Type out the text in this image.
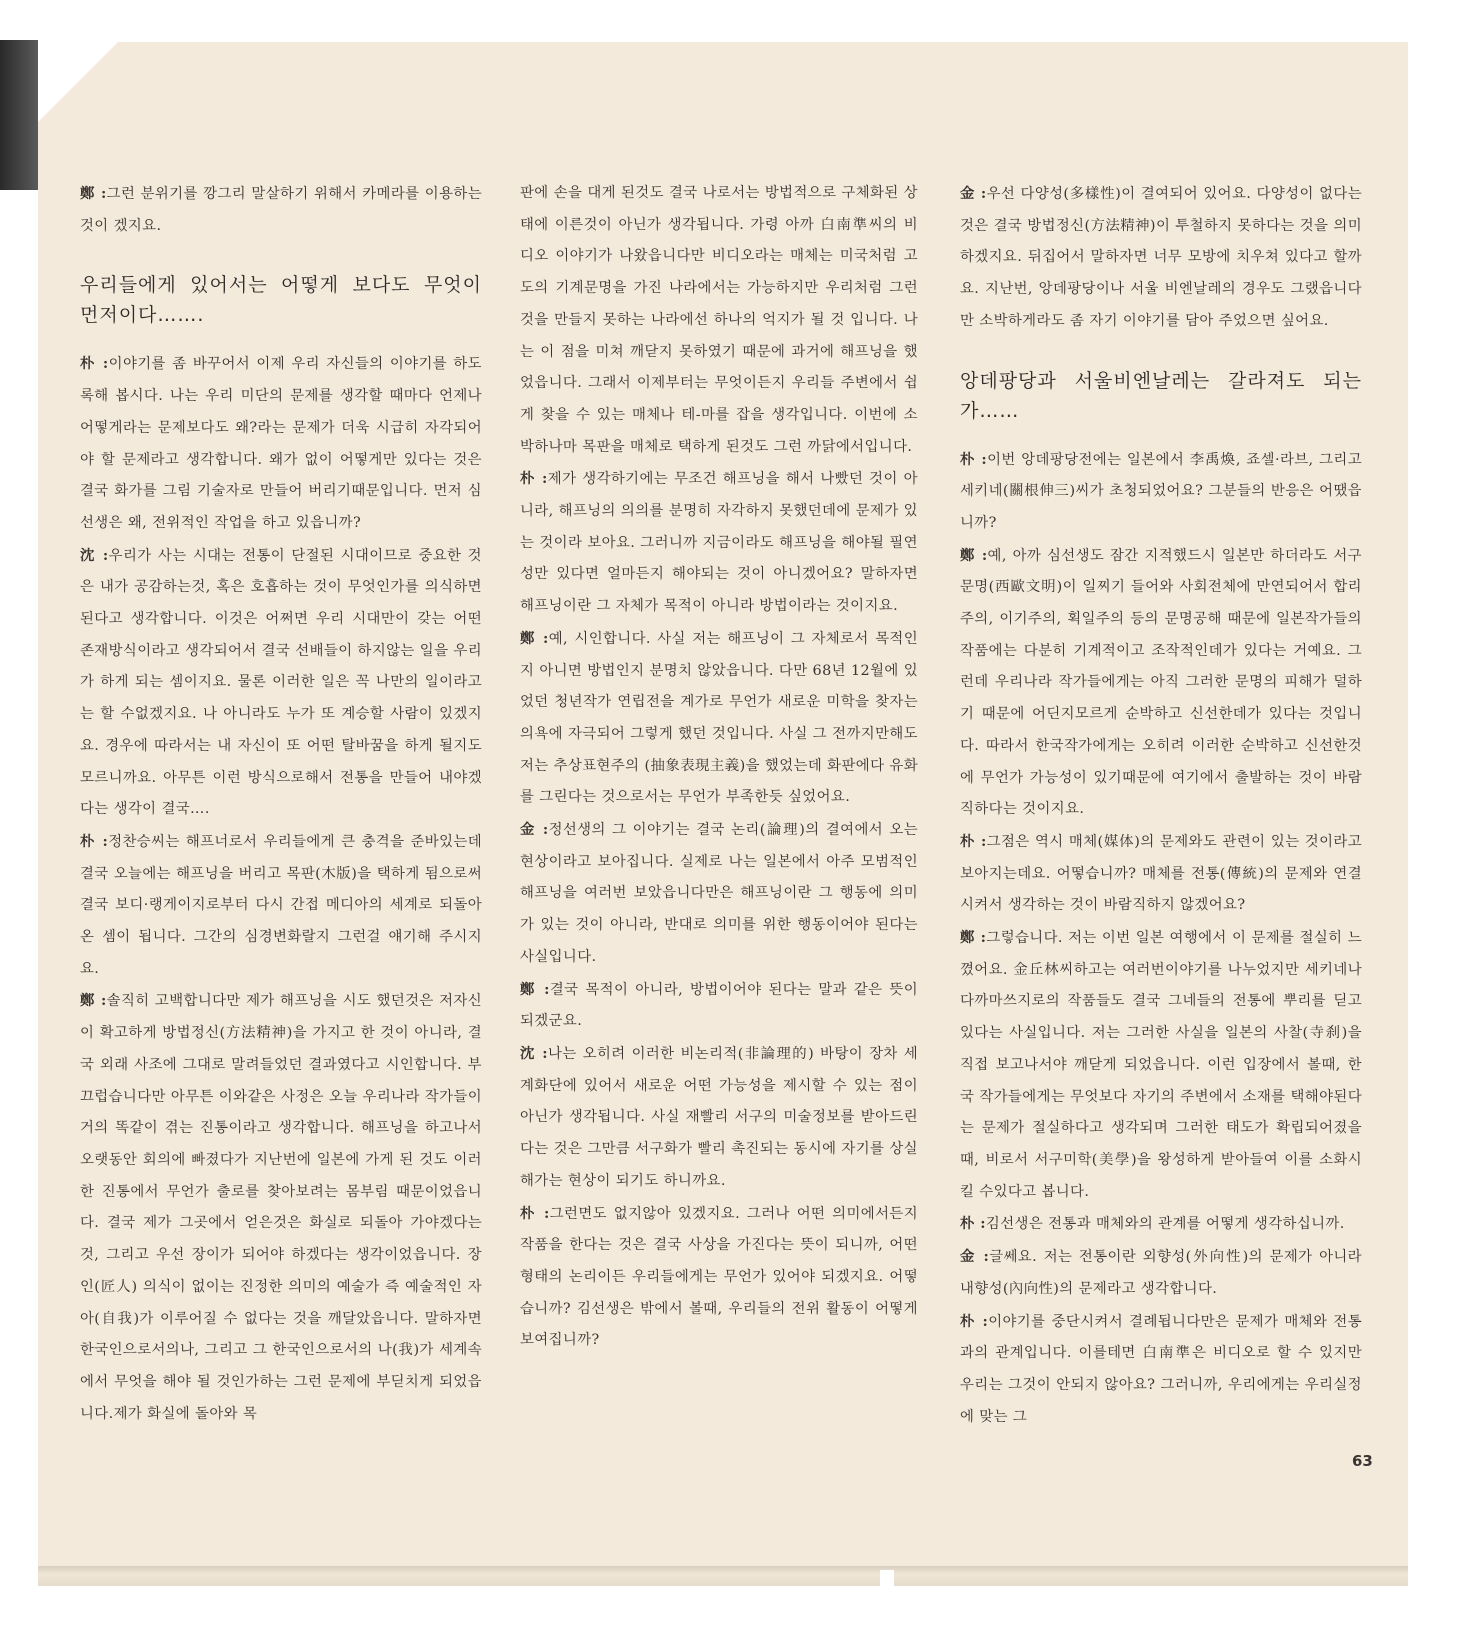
鄭 :그런 분위기를 깡그리 말살하기 위해서 카메라를 이용하는 것이 겠지요.

우리들에게 있어서는 어떻게 보다도 무엇이 먼저이다…….

朴 :이야기를 좀 바꾸어서 이제 우리 자신들의 이야기를 하도록해 봅시다. 나는 우리 미단의 문제를 생각할 때마다 언제나 어떻게라는 문제보다도 왜?라는 문제가 더욱 시급히 자각되어야 할 문제라고 생각합니다. 왜가 없이 어떻게만 있다는 것은 결국 화가를 그림 기술자로 만들어 버리기때문입니다. 먼저 심선생은 왜, 전위적인 작업을 하고 있읍니까?

沈 :우리가 사는 시대는 전통이 단절된 시대이므로 중요한 것은 내가 공감하는것, 혹은 호흡하는 것이 무엇인가를 의식하면 된다고 생각합니다. 이것은 어쩌면 우리 시대만이 갖는 어떤 존재방식이라고 생각되어서 결국 선배들이 하지않는 일을 우리가 하게 되는 셈이지요. 물론 이러한 일은 꼭 나만의 일이라고는 할 수없겠지요. 나 아니라도 누가 또 계승할 사람이 있겠지요. 경우에 따라서는 내 자신이 또 어떤 탈바꿈을 하게 될지도 모르니까요. 아무튼 이런 방식으로해서 전통을 만들어 내야겠다는 생각이 결국….

朴 :정찬승씨는 해프너로서 우리들에게 큰 충격을 준바있는데결국 오늘에는 해프닝을 버리고 목판(木版)을 택하게 됨으로써 결국 보디·랭게이지로부터 다시 간접 메디아의 세계로 되돌아 온 셈이 됩니다. 그간의 심경변화랄지 그런걸 얘기해 주시지요.

鄭 :솔직히 고백합니다만 제가 해프닝을 시도 했던것은 저자신이 확고하게 방법정신(方法精神)을 가지고 한 것이 아니라, 결국 외래 사조에 그대로 말려들었던 결과였다고 시인합니다. 부끄럽습니다만 아무튼 이와같은 사정은 오늘 우리나라 작가들이 거의 똑같이 겪는 진통이라고 생각합니다. 해프닝을 하고나서 오랫동안 회의에 빠졌다가 지난번에 일본에 가게 된 것도 이러한 진통에서 무언가 출로를 찾아보려는 몸부림 때문이었읍니다. 결국 제가 그곳에서 얻은것은 화실로 되돌아 가야겠다는것, 그리고 우선 장이가 되어야 하겠다는 생각이었읍니다. 장인(匠人) 의식이 없이는 진정한 의미의 예술가 즉 예술적인 자아(自我)가 이루어질 수 없다는 것을 깨달았읍니다. 말하자면 한국인으로서의나, 그리고 그 한국인으로서의 나(我)가 세계속에서 무엇을 해야 될 것인가하는 그런 문제에 부딛치게 되었읍니다.제가 화실에 돌아와 목

판에 손을 대게 된것도 결국 나로서는 방법적으로 구체화된 상태에 이른것이 아닌가 생각됩니다. 가령 아까 白南準씨의 비디오 이야기가 나왔읍니다만 비디오라는 매체는 미국처럼 고도의 기계문명을 가진 나라에서는 가능하지만 우리처럼 그런것을 만들지 못하는 나라에선 하나의 억지가 될 것 입니다. 나는 이 점을 미쳐 깨닫지 못하였기 때문에 과거에 해프닝을 했었읍니다. 그래서 이제부터는 무엇이든지 우리들 주변에서 쉽게 찾을 수 있는 매체나 테-마를 잡을 생각입니다. 이번에 소박하나마 목판을 매체로 택하게 된것도 그런 까닭에서입니다.

朴 :제가 생각하기에는 무조건 해프닝을 해서 나빴던 것이 아니라, 해프닝의 의의를 분명히 자각하지 못했던데에 문제가 있는 것이라 보아요. 그러니까 지금이라도 해프닝을 해야될 필연성만 있다면 얼마든지 해야되는 것이 아니겠어요? 말하자면 해프닝이란 그 자체가 목적이 아니라 방법이라는 것이지요.

鄭 :예, 시인합니다. 사실 저는 해프닝이 그 자체로서 목적인지 아니면 방법인지 분명치 않았읍니다. 다만 68년 12월에 있었던 청년작가 연립전을 계가로 무언가 새로운 미학을 찾자는 의욕에 자극되어 그렇게 했던 것입니다. 사실 그 전까지만해도 저는 추상표현주의 (抽象表現主義)을 했었는데 화판에다 유화를 그린다는 것으로서는 무언가 부족한듯 싶었어요.

金 :정선생의 그 이야기는 결국 논리(論理)의 결여에서 오는 현상이라고 보아집니다. 실제로 나는 일본에서 아주 모범적인 해프닝을 여러번 보았읍니다만은 해프닝이란 그 행동에 의미가 있는 것이 아니라, 반대로 의미를 위한 행동이어야 된다는 사실입니다.

鄭 :결국 목적이 아니라, 방법이어야 된다는 말과 같은 뜻이 되겠군요.

沈 :나는 오히려 이러한 비논리적(非論理的) 바탕이 장차 세계화단에 있어서 새로운 어떤 가능성을 제시할 수 있는 점이 아닌가 생각됩니다. 사실 재빨리 서구의 미술정보를 받아드린다는 것은 그만큼 서구화가 빨리 촉진되는 동시에 자기를 상실해가는 현상이 되기도 하니까요.

朴 :그런면도 없지않아 있겠지요. 그러나 어떤 의미에서든지 작품을 한다는 것은 결국 사상을 가진다는 뜻이 되니까, 어떤 형태의 논리이든 우리들에게는 무언가 있어야 되겠지요. 어떻습니까? 김선생은 밖에서 볼때, 우리들의 전위 활동이 어떻게 보여집니까?

金 :우선 다양성(多樣性)이 결여되어 있어요. 다양성이 없다는 것은 결국 방법정신(方法精神)이 투철하지 못하다는 것을 의미하겠지요. 뒤집어서 말하자면 너무 모방에 치우쳐 있다고 할까요. 지난번, 앙데팡당이나 서울 비엔날레의 경우도 그랬읍니다만 소박하게라도 좀 자기 이야기를 담아 주었으면 싶어요.

앙데팡당과 서울비엔날레는 갈라져도 되는가……

朴 :이번 앙데팡당전에는 일본에서 李禹煥, 죠셀·라브, 그리고 세키네(關根伸三)씨가 초청되었어요? 그분들의 반응은 어땠읍니까?

鄭 :예, 아까 심선생도 잠간 지적했드시 일본만 하더라도 서구문명(西歐文明)이 일찌기 들어와 사회전체에 만연되어서 합리주의, 이기주의, 획일주의 등의 문명공해 때문에 일본작가들의 작품에는 다분히 기계적이고 조작적인데가 있다는 거예요. 그런데 우리나라 작가들에게는 아직 그러한 문명의 피해가 덜하기 때문에 어딘지모르게 순박하고 신선한데가 있다는 것입니다. 따라서 한국작가에게는 오히려 이러한 순박하고 신선한것에 무언가 가능성이 있기때문에 여기에서 출발하는 것이 바람직하다는 것이지요.

朴 :그점은 역시 매체(媒体)의 문제와도 관련이 있는 것이라고 보아지는데요. 어떻습니까? 매체를 전통(傳統)의 문제와 연결시켜서 생각하는 것이 바람직하지 않겠어요?

鄭 :그렇습니다. 저는 이번 일본 여행에서 이 문제를 절실히 느꼈어요. 金丘林씨하고는 여러번이야기를 나누었지만 세키네나 다까마쓰지로의 작품들도 결국 그네들의 전통에 뿌리를 딛고 있다는 사실입니다. 저는 그러한 사실을 일본의 사찰(寺刹)을 직접 보고나서야 깨닫게 되었읍니다. 이런 입장에서 볼때, 한국 작가들에게는 무엇보다 자기의 주변에서 소재를 택해야된다는 문제가 절실하다고 생각되며 그러한 태도가 확립되어졌을때, 비로서 서구미학(美學)을 왕성하게 받아들여 이를 소화시킬 수있다고 봅니다.

朴 :김선생은 전통과 매체와의 관계를 어떻게 생각하십니까.

金 :글쎄요. 저는 전통이란 외향성(外向性)의 문제가 아니라 내향성(內向性)의 문제라고 생각합니다.

朴 :이야기를 중단시켜서 결례됩니다만은 문제가 매체와 전통과의 관계입니다. 이를테면 白南準은 비디오로 할 수 있지만 우리는 그것이 안되지 않아요? 그러니까, 우리에게는 우리실정에 맞는 그

63
